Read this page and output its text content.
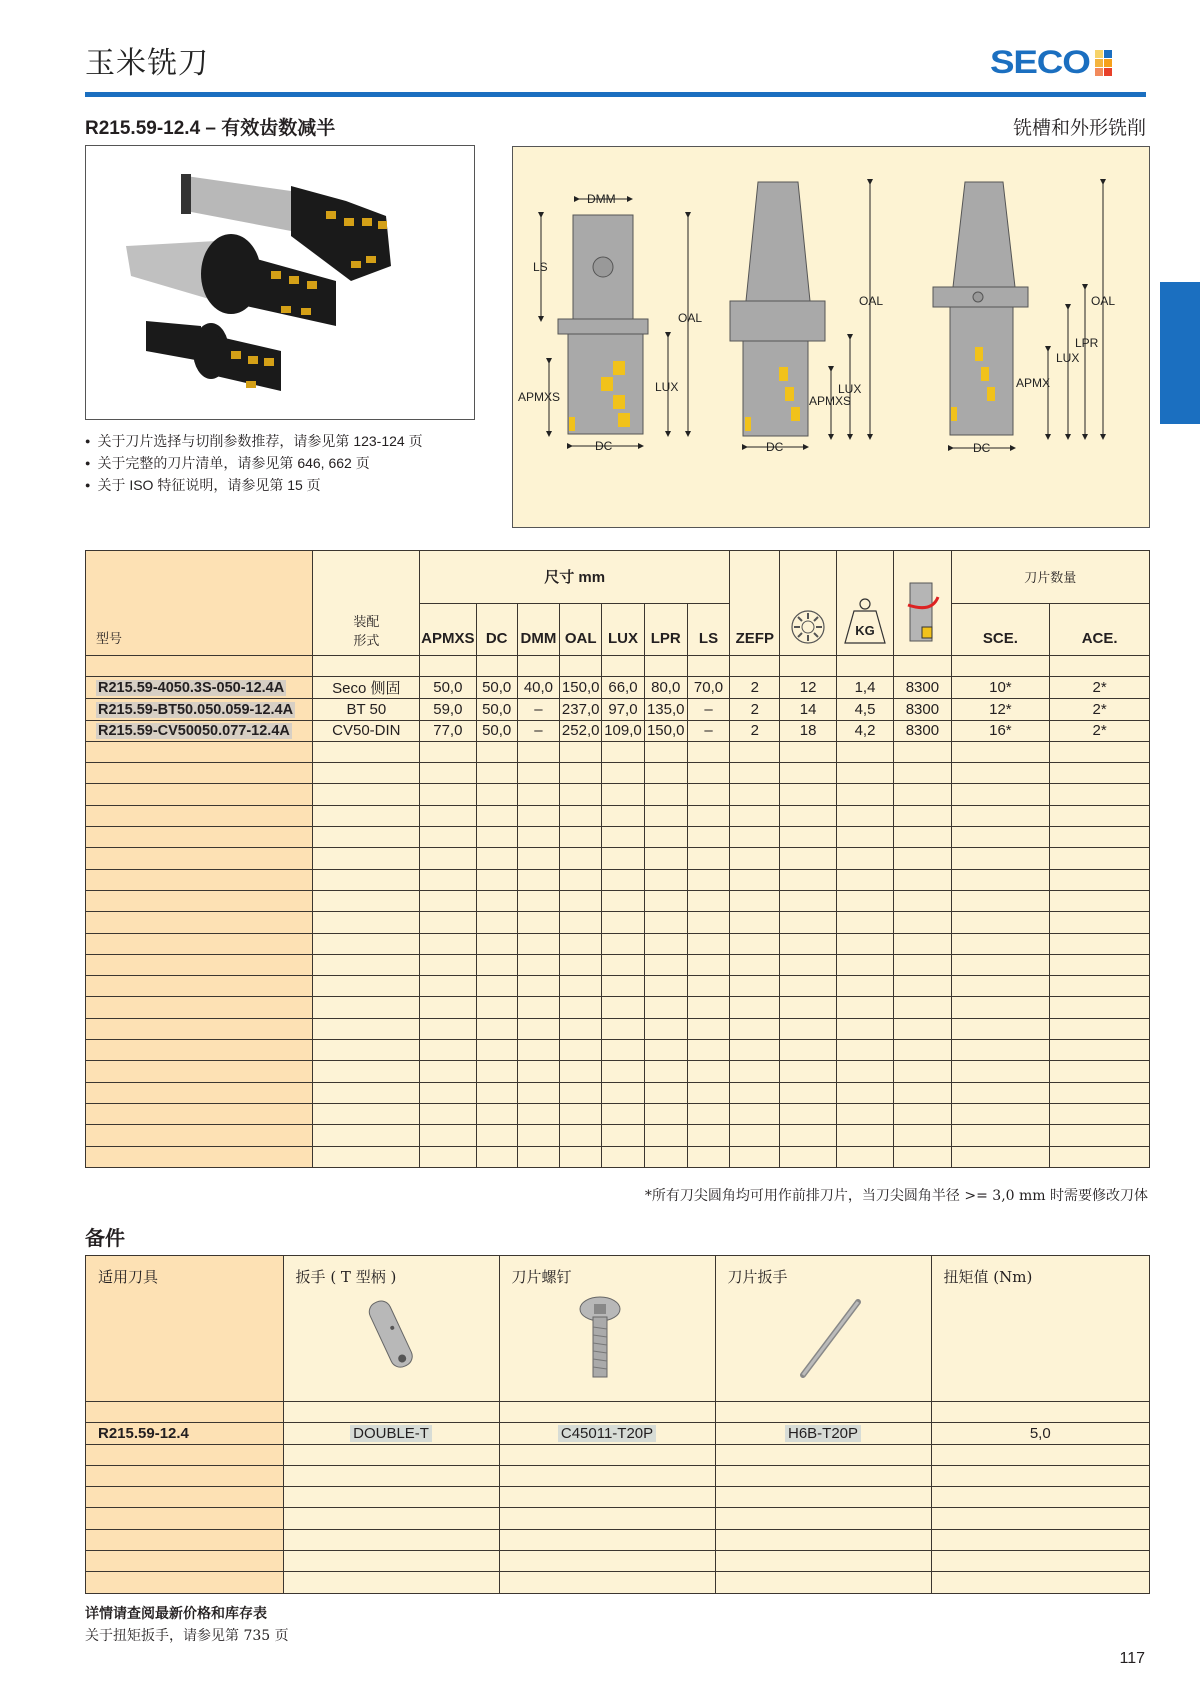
玉米铣刀	SECO
R215.59-12.4 – 有效齿数减半	铣槽和外形铣削
● 关于刀片选择与切削参数推荐，请参见第 123-124 页
● 关于完整的刀片清单，请参见第 646, 662 页
● 关于 ISO 特征说明，请参见第 15 页
DMM
LS
OAL
LUX
APMXS
DC
OAL
LUX
APMXS
DC
OAL
LPR
LUX
APMX
DC
型号	装配
形式	尺寸 mm							ZEFP		KG		刀片数量	
		APMXS	DC	DMM	OAL	LUX	LPR	LS					SCE.	ACE.

R215.59-4050.3S-050-12.4A	Seco 侧固	50,0	50,0	40,0	150,0	66,0	80,0	70,0	2	12	1,4	8300	10*	2*
R215.59-BT50.050.059-12.4A	BT 50	59,0	50,0	–	237,0	97,0	135,0	–	2	14	4,5	8300	12*	2*
R215.59-CV50050.077-12.4A	CV50-DIN	77,0	50,0	–	252,0	109,0	150,0	–	2	18	4,2	8300	16*	2*

*所有刀尖圆角均可用作前排刀片，当刀尖圆角半径 >= 3,0 mm 时需要修改刀体
备件
适用刀具	扳手 ( T 型柄 )	刀片螺钉	刀片扳手	扭矩值 (Nm)

R215.59-12.4	DOUBLE-T	C45011-T20P	H6B-T20P	5,0

详情请查阅最新价格和库存表
关于扭矩扳手，请参见第 735 页
117
